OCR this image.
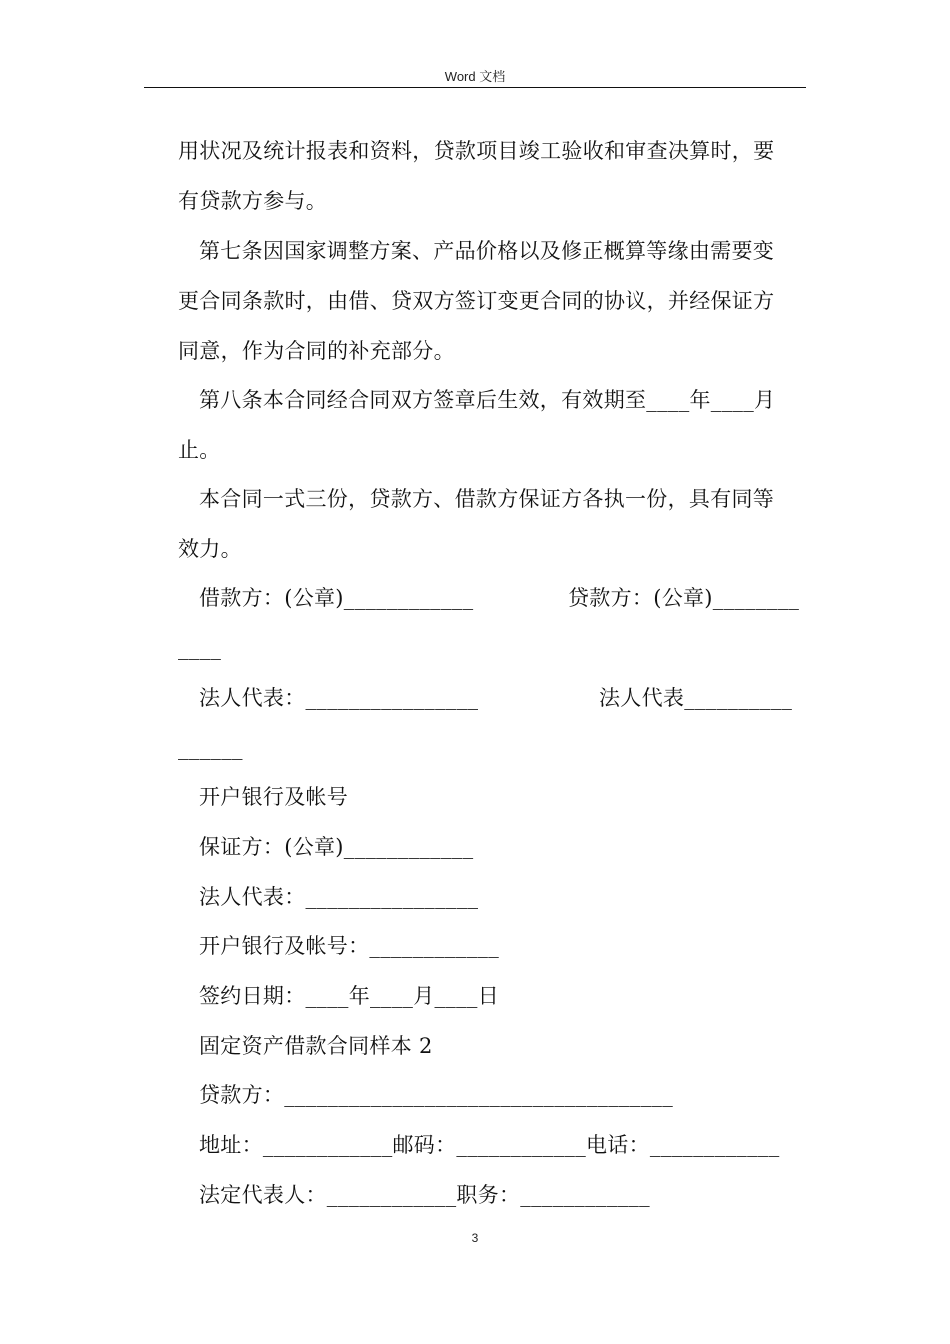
Word 文档
用状况及统计报表和资料，贷款项目竣工验收和审查决算时，要
有贷款方参与。
第七条因国家调整方案、产品价格以及修正概算等缘由需要变
更合同条款时，由借、贷双方签订变更合同的协议，并经保证方
同意，作为合同的补充部分。
第八条本合同经合同双方签章后生效，有效期至____年____月
止。
本合同一式三份，贷款方、借款方保证方各执一份，具有同等
效力。
借款方：(公章)____________	贷款方：(公章)________
____
法人代表：________________	法人代表__________
______
开户银行及帐号
保证方：(公章)____________
法人代表：________________
开户银行及帐号：____________
签约日期：____年____月____日
固定资产借款合同样本 2
贷款方：____________________________________
地址：____________邮码：____________电话：____________
法定代表人：____________职务：____________
3
